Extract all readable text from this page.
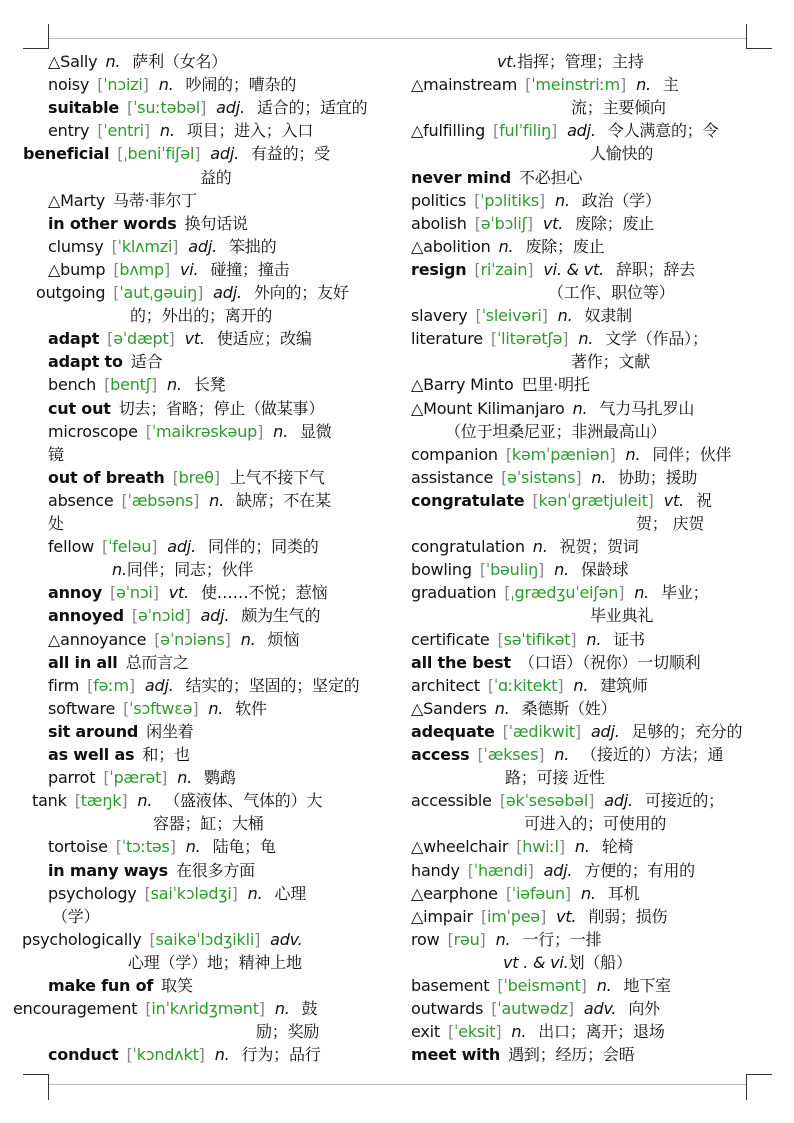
△Sally n. 萨利（女名）
noisy [ ˈnɔizi ] n. 吵闹的；嘈杂的
suitable [ ˈsuːtəbəl ] adj. 适合的；适宜的
entry [ ˈentri ] n. 项目；进入；入口
beneficial [ ˌbeniˈfiʃəl ] adj. 有益的；受
益的
△Marty 马蒂·菲尔丁
in other words 换句话说
clumsy [ ˈklʌmzi ] adj. 笨拙的
△bump [ bʌmp ] vi. 碰撞；撞击
outgoing [ ˈautˌgəuiŋ ] adj. 外向的；友好
的；外出的；离开的
adapt [ əˈdæpt ] vt. 使适应；改编
adapt to 适合
bench [ bentʃ ] n. 长凳
cut out 切去；省略；停止（做某事）
microscope [ ˈmaikrəskəup ] n. 显微
镜
out of breath [ breθ ] 上气不接下气
absence [ ˈæbsəns ] n. 缺席；不在某
处
fellow [ ˈfeləu ] adj. 同伴的；同类的
n.同伴；同志；伙伴
annoy [ əˈnɔi ] vt. 使……不悦；惹恼
annoyed [ əˈnɔid ] adj. 颇为生气的
△annoyance [ əˈnɔiəns ] n. 烦恼
all in all 总而言之
firm [ fəːm ] adj. 结实的；坚固的；坚定的
software [ ˈsɔftwɛə ] n. 软件
sit around 闲坐着
as well as 和；也
parrot [ ˈpærət ] n. 鹦鹉
tank [ tæŋk ] n. （盛液体、气体的）大
容器；缸；大桶
tortoise [ ˈtɔːtəs ] n. 陆龟；龟
in many ways 在很多方面
psychology [ saiˈkɔlədʒi ] n. 心理
（学）
psychologically [ saikəˈlɔdʒikli ] adv.
心理（学）地；精神上地
make fun of 取笑
encouragement [ inˈkʌridʒmənt ] n. 鼓
励；奖励
conduct [ ˈkɔndʌkt ] n. 行为；品行
vt.指挥；管理；主持
△mainstream [ ˈmeinstriːm ] n. 主
流；主要倾向
△fulfilling [ fulˈfiliŋ ] adj. 令人满意的；令
人愉快的
never mind 不必担心
politics [ ˈpɔlitiks ] n. 政治（学）
abolish [ əˈbɔliʃ ] vt. 废除；废止
△abolition n. 废除；废止
resign [ riˈzain ] vi. & vt. 辞职；辞去
（工作、职位等）
slavery [ ˈsleivəri ] n. 奴隶制
literature [ ˈlitərətʃə ] n. 文学（作品）；
著作；文献
△Barry Minto 巴里·明托
△Mount Kilimanjaro n. 气力马扎罗山
（位于坦桑尼亚；非洲最高山）
companion [ kəmˈpæniən ] n. 同伴；伙伴
assistance [ əˈsistəns ] n. 协助；援助
congratulate [ kənˈgrætjuleit ] vt. 祝
贺； 庆贺
congratulation n. 祝贺；贺词
bowling [ ˈbəuliŋ ] n. 保龄球
graduation [ ˌgrædʒuˈeiʃən ] n. 毕业；
毕业典礼
certificate [ səˈtifikət ] n. 证书
all the best （口语）（祝你）一切顺利
architect [ ˈɑːkitekt ] n. 建筑师
△Sanders n. 桑德斯（姓）
adequate [ ˈædikwit ] adj. 足够的；充分的
access [ ˈækses ] n. （接近的）方法；通
路；可接 近性
accessible [ əkˈsesəbəl ] adj. 可接近的；
可进入的；可使用的
△wheelchair [ hwiːl ] n. 轮椅
handy [ ˈhændi ] adj. 方便的；有用的
△earphone [ ˈiəfəun ] n. 耳机
△impair [ imˈpeə ] vt. 削弱；损伤
row [ rəu ] n. 一行；一排
vt . & vi.划（船）
basement [ ˈbeismənt ] n. 地下室
outwards [ ˈautwədz ] adv. 向外
exit [ ˈeksit ] n. 出口；离开；退场
meet with 遇到；经历；会晤
